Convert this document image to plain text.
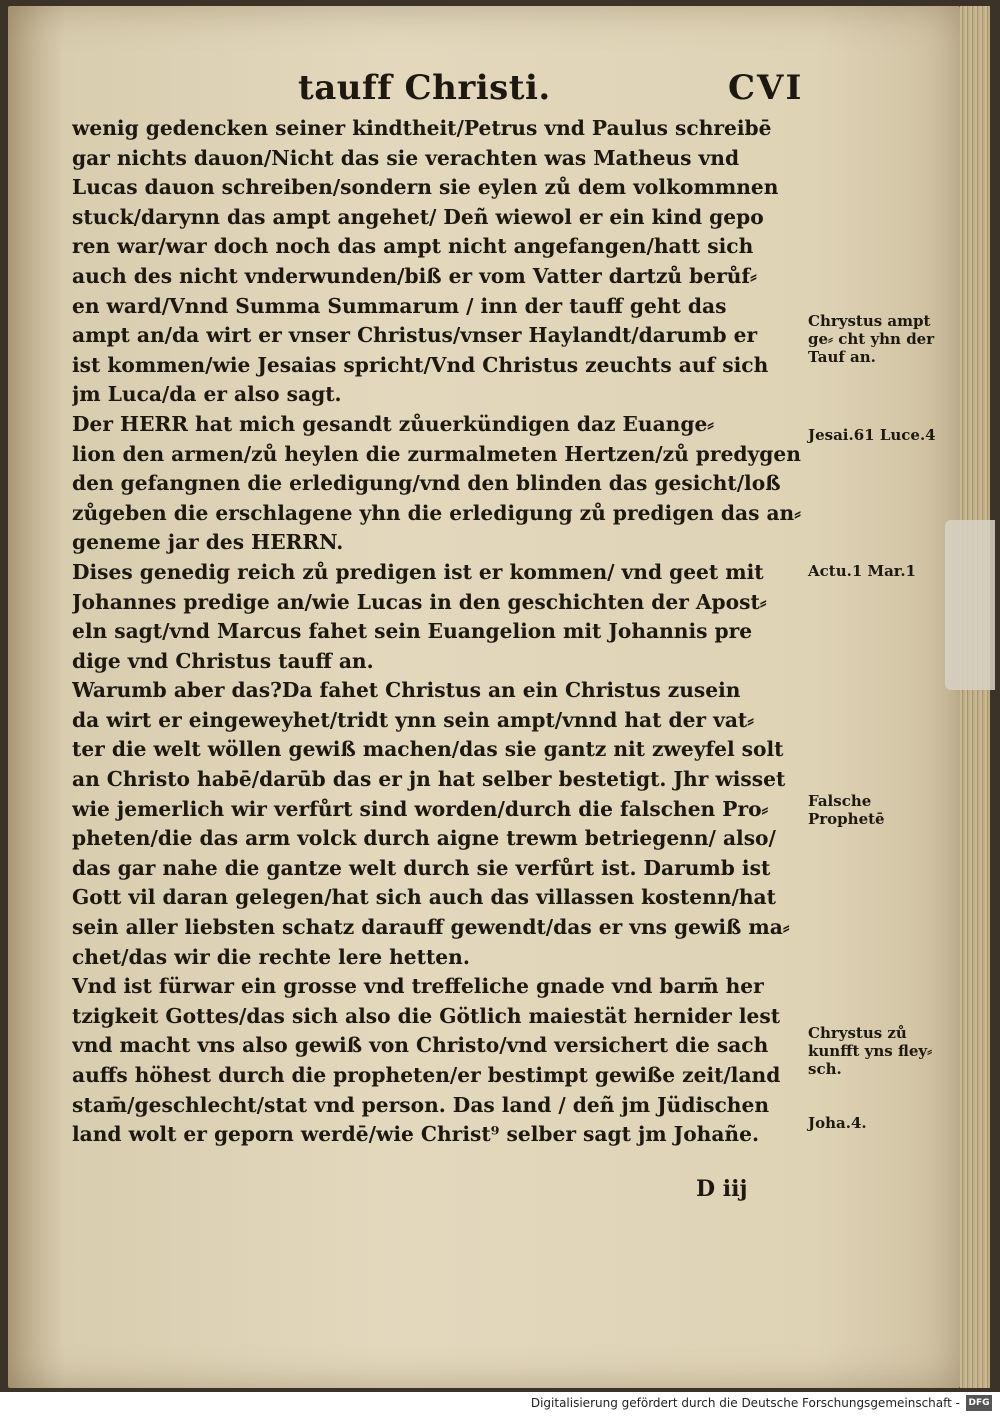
tauff Christi.	CVI
wenig gedencken seiner kindtheit/Petrus vnd Paulus schreibē
gar nichts dauon/Nicht das sie verachten was Matheus vnd
Lucas dauon schreiben/sondern sie eylen zů dem volkommnen
stuck/darynn das ampt angehet/ Deñ wiewol er ein kind gepo
ren war/war doch noch das ampt nicht angefangen/hatt sich
auch des nicht vnderwunden/biß er vom Vatter dartzů berůf⸗
en ward/Vnnd Summa Summarum / inn der tauff geht das
ampt an/da wirt er vnser Christus/vnser Haylandt/darumb er
ist kommen/wie Jesaias spricht/Vnd Christus zeuchts auf sich
jm Luca/da er also sagt.
Der HERR hat mich gesandt zůuerkündigen daz Euange⸗
lion den armen/zů heylen die zurmalmeten Hertzen/zů predygen
den gefangnen die erledigung/vnd den blinden das gesicht/loß
zůgeben die erschlagene yhn die erledigung zů predigen das an⸗
geneme jar des HERRN.
Dises genedig reich zů predigen ist er kommen/ vnd geet mit
Johannes predige an/wie Lucas in den geschichten der Apost⸗
eln sagt/vnd Marcus fahet sein Euangelion mit Johannis pre
dige vnd Christus tauff an.
Warumb aber das?Da fahet Christus an ein Christus zusein
da wirt er eingeweyhet/tridt ynn sein ampt/vnnd hat der vat⸗
ter die welt wöllen gewiß machen/das sie gantz nit zweyfel solt
an Christo habē/darūb das er jn hat selber bestetigt. Jhr wisset
wie jemerlich wir verfůrt sind worden/durch die falschen Pro⸗
pheten/die das arm volck durch aigne trewm betriegenn/ also/
das gar nahe die gantze welt durch sie verfůrt ist. Darumb ist
Gott vil daran gelegen/hat sich auch das villassen kostenn/hat
sein aller liebsten schatz darauff gewendt/das er vns gewiß ma⸗
chet/das wir die rechte lere hetten.
Vnd ist fürwar ein grosse vnd treffeliche gnade vnd barm̄ her
tzigkeit Gottes/das sich also die Götlich maiestät hernider lest
vnd macht vns also gewiß von Christo/vnd versichert die sach
auffs höhest durch die propheten/er bestimpt gewiße zeit/land
stam̄/geschlecht/stat vnd person. Das land / deñ jm Jüdischen
land wolt er geporn werdē/wie Christ⁹ selber sagt jm Johañe.
Chrystus ampt ge⸗ cht yhn der Tauf an.
Jesai.61 Luce.4
Actu.1 Mar.1
Falsche Prophetē
Chrystus zů kunfft yns fley⸗ sch.
Joha.4.
D iij
Digitalisierung gefördert durch die Deutsche Forschungsgemeinschaft - DFG
